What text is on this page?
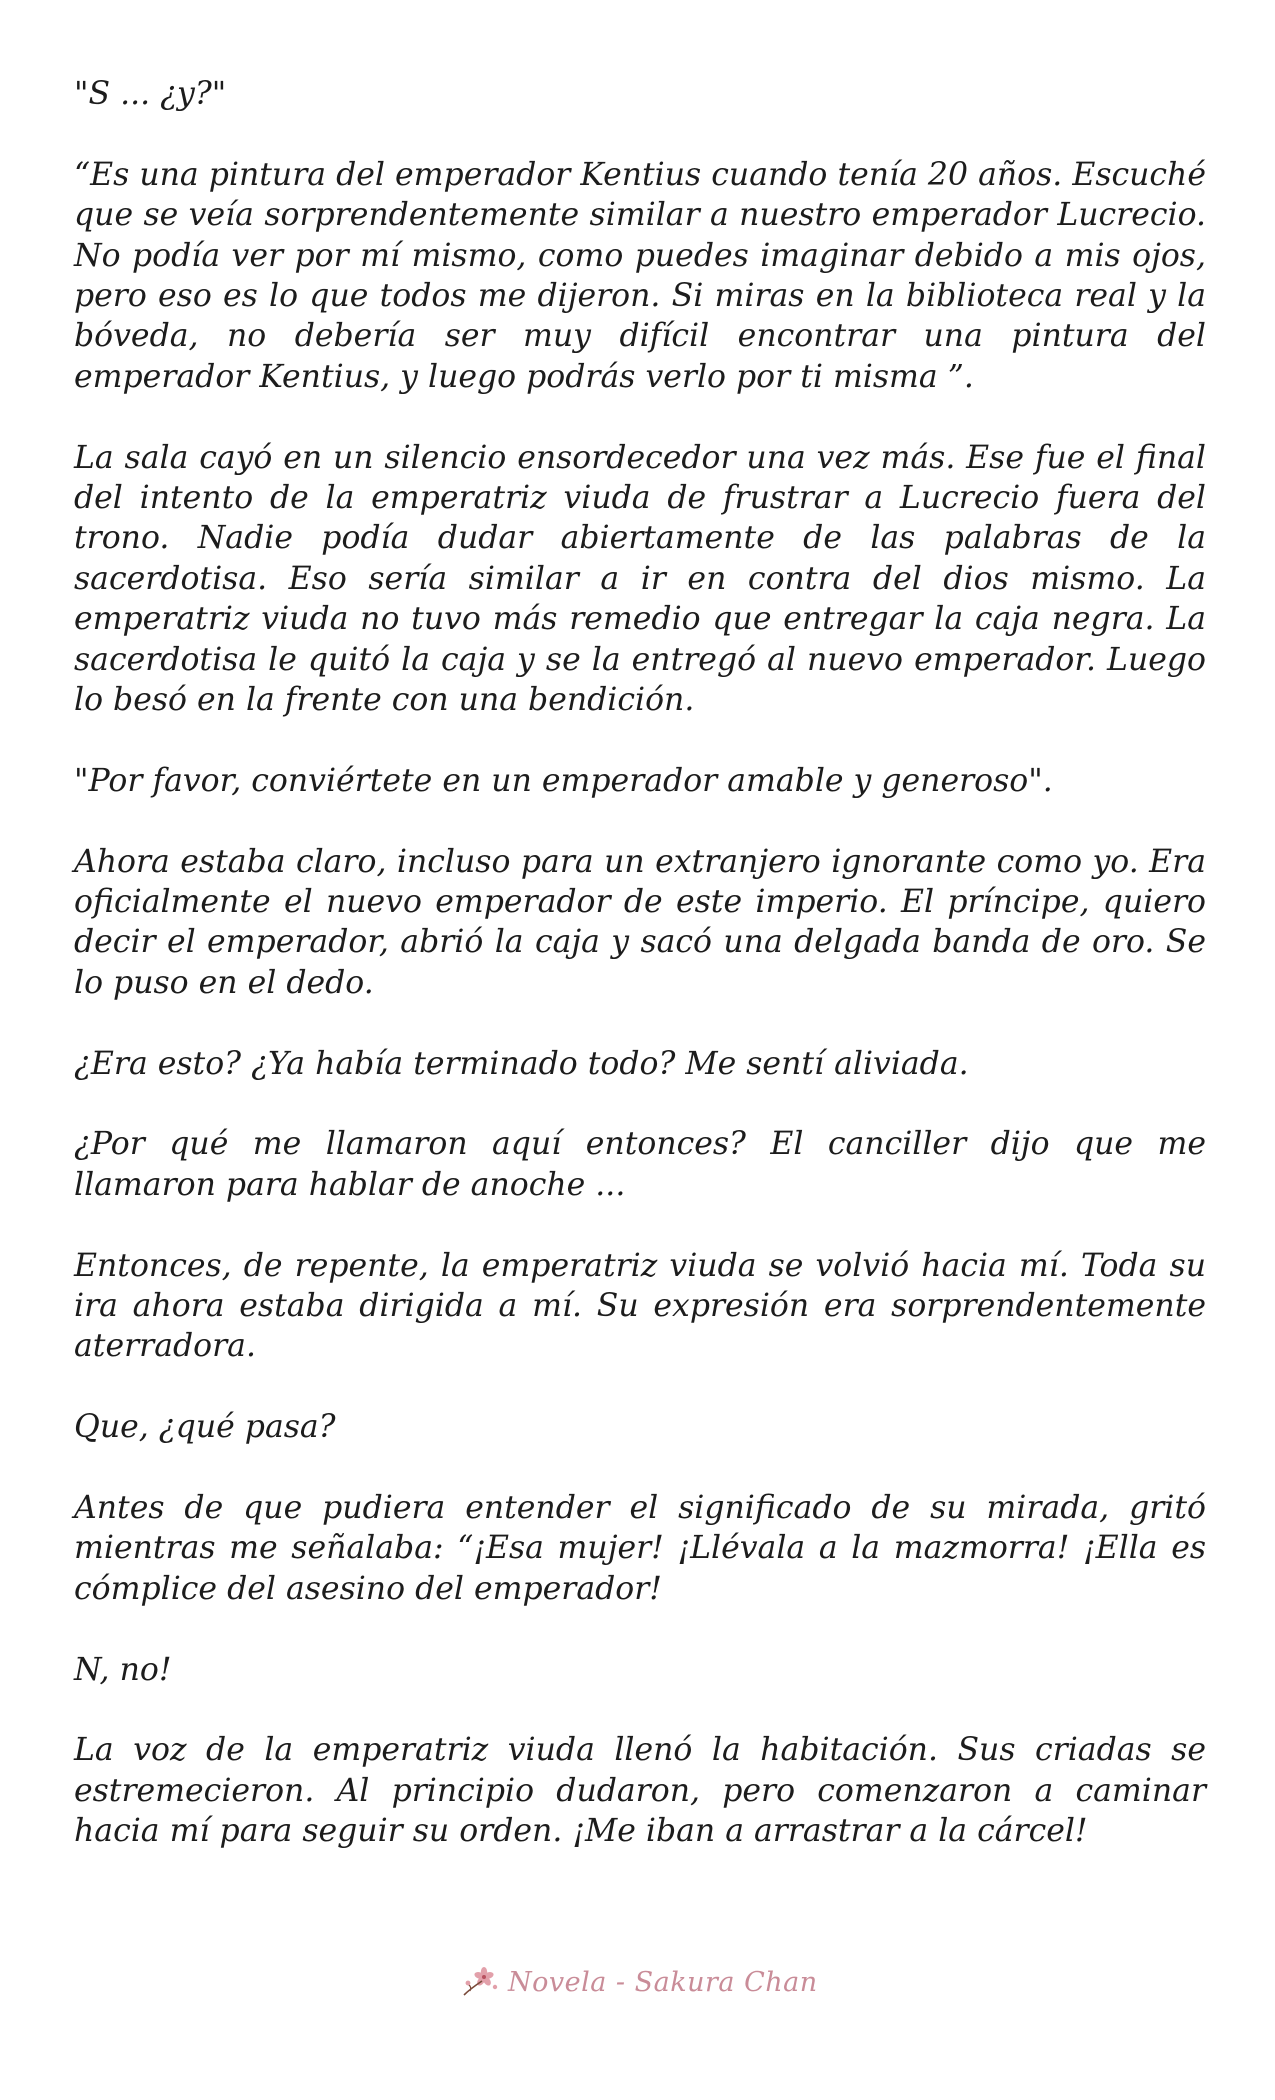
"S ... ¿y?"

“Es una pintura del emperador Kentius cuando tenía 20 años. Escuché que se veía sorprendentemente similar a nuestro emperador Lucrecio. No podía ver por mí mismo, como puedes imaginar debido a mis ojos, pero eso es lo que todos me dijeron. Si miras en la biblioteca real y la bóveda, no debería ser muy difícil encontrar una pintura del emperador Kentius, y luego podrás verlo por ti misma ”.

La sala cayó en un silencio ensordecedor una vez más. Ese fue el final del intento de la emperatriz viuda de frustrar a Lucrecio fuera del trono. Nadie podía dudar abiertamente de las palabras de la sacerdotisa. Eso sería similar a ir en contra del dios mismo. La emperatriz viuda no tuvo más remedio que entregar la caja negra. La sacerdotisa le quitó la caja y se la entregó al nuevo emperador. Luego lo besó en la frente con una bendición.

"Por favor, conviértete en un emperador amable y generoso".

Ahora estaba claro, incluso para un extranjero ignorante como yo. Era oficialmente el nuevo emperador de este imperio. El príncipe, quiero decir el emperador, abrió la caja y sacó una delgada banda de oro. Se lo puso en el dedo.

¿Era esto? ¿Ya había terminado todo? Me sentí aliviada.

¿Por qué me llamaron aquí entonces? El canciller dijo que me llamaron para hablar de anoche ...

Entonces, de repente, la emperatriz viuda se volvió hacia mí. Toda su ira ahora estaba dirigida a mí. Su expresión era sorprendentemente aterradora.

Que, ¿qué pasa?

Antes de que pudiera entender el significado de su mirada, gritó mientras me señalaba: “¡Esa mujer! ¡Llévala a la mazmorra! ¡Ella es cómplice del asesino del emperador!

N, no!

La voz de la emperatriz viuda llenó la habitación. Sus criadas se estremecieron. Al principio dudaron, pero comenzaron a caminar hacia mí para seguir su orden. ¡Me iban a arrastrar a la cárcel!

Novela - Sakura Chan
